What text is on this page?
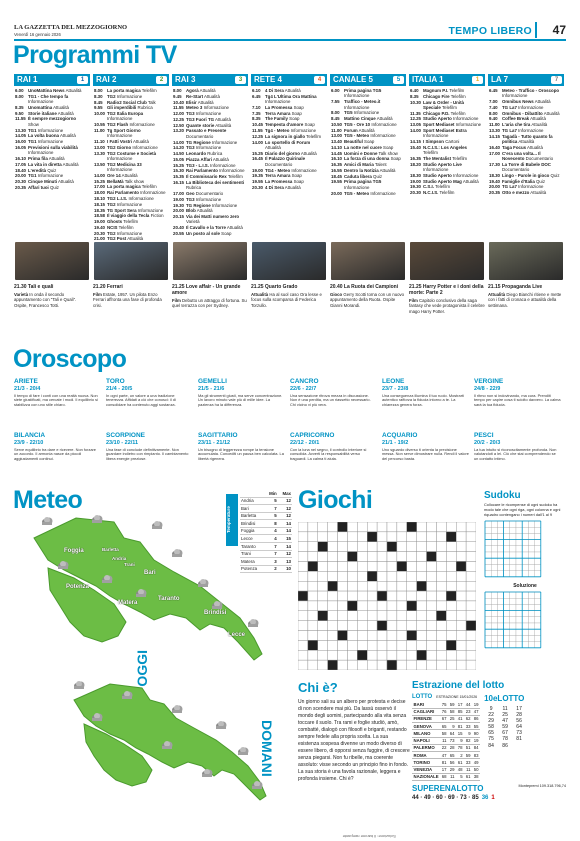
LA GAZZETTA DEL MEZZOGIORNO
Venerdì 16 gennaio 2026	TEMPO LIBERO	47
Programmi TV
RAI 1	1
6.00	UnoMattina News Attualità
8.00	TG1 - Che tempo fa Informazione
8.35	Unomattina Attualità
9.50	Storie italiane Attualità
11.55 È sempre mezzogiorno Show
13.30 TG1 Informazione
14.05 La volta buona Attualità
16.00 TG1 Informazione
16.05 Previsioni sulla viabilità Informazione
16.10 Prima fila Attualità
17.05 La vita in diretta Attualità
18.40 L'eredità Quiz
20.00 TG1 Informazione
20.30 Cinque Minuti Attualità
20.35 Affari tuoi Quiz
RAI 2	2
8.00	La porta magica Telefilm
8.30	TG2 Informazione
8.45	Radio2 Social Club Talk
9.55	Gli imperdibili Rubrica
10.00 TG2 Italia Europa Informazione
10.55 TG2 Flash Informazione
11.00 Tg Sport Giorno Informazione
11.10 I Fatti Vostri Attualità
13.00 TG2 Giorno Informazione
13.30 TG2 Costume e Società Informazione
13.50 TG2 Medicina 33 Informazione
14.00 Ore 14 Attualità
15.25 BellaMà Talk show
17.00 La porta magica Telefilm
18.00 Rai Parlamento Informazione
18.10 TG2 L.I.S. Informazione
18.15 TG2 Informazione
18.35 TG Sport Sera Informazione
18.58 Il viaggio della Tecla Fiction
19.00 Ghosts Telefilm
19.40 NCIS Telefilm
20.30 TG2 Informazione
21.00 TG2 Post Attualità
RAI 3	3
8.00	Agorà Attualità
9.45	Re-Start Attualità
10.40 Elisir Attualità
11.55 Meteo 3 Informazione
12.00 TG3 Informazione
12.25 TG3 Fuori TG Attualità
12.50 Quante storie Attualità
13.20 Passato e Presente Documentario
14.00 TG Regione Informazione
14.20 TG3 Informazione
14.50 Leonardo Rubrica
15.05 Piazza Affari Attualità
15.25 TG3 - L.I.S. Informazione
15.30 Rai Parlamento Informazione
15.35 Il Commissario Rex Telefilm
16.15 La Biblioteca dei sentimenti Rubrica
17.00 Geo Documentario
19.00 TG3 Informazione
19.30 TG Regione Informazione
20.00 Blob Attualità
20.15 Via dei Matti numero zero Varietà
20.40 Il Cavallo e la Torre Attualità
20.55 Un posto al sole Soap
RETE 4	4
6.10	4 Di Sera Attualità
6.45	Tg4 L'Ultima Ora Mattina Informazione
7.10	La Promessa Soap
7.35	Terra Amara Soap
8.35	The Family Soap
10.45 Tempesta d'amore Soap
11.55 Tg4 - Meteo Informazione
12.25 La signora in giallo Telefilm
14.00 Lo sportello di Forum Attualità
15.25 Diario del giorno Attualità
16.45 Il Palazzo Quirinale Documentario
19.00 TG4 - Meteo Informazione
19.35 Terra Amara Soap
19.55 La Promessa Soap
20.30 4 Di Sera Attualità
CANALE 5	5
6.00	Prima pagina TG5 Informazione
7.55	Traffico - Meteo.it Informazione
8.00	TG5 Informazione
8.45	Mattino Cinque Attualità
10.50 TG5 - Ore 10 Informazione
11.00 Forum Attualità
13.00 TG5 - Meteo Informazione
13.40 Beautiful Soap
14.10 La notte nel cuore Soap
14.45 Uomini e Donne Talk show
16.10 La forza di una donna Soap
16.35 Amici di Maria Talent
16.55 Dentro la Notizia Attualità
18.45 Caduta libera Quiz
19.55 Prima pagina TG5 Informazione
20.00 TG5 - Meteo Informazione
ITALIA 1	1
6.40	Magnum P.I. Telefilm
8.35	Chicago Fire Telefilm
10.30 Law & Order - Unità Speciale Telefilm
11.35 Chicago P.D. Telefilm
12.25 Studio Aperto Informazione
13.05 Sport Mediaset Informazione
14.00 Sport Mediaset Extra Informazione
14.15 I Simpson Cartoni
15.40 N.C.I.S.: Los Angeles Telefilm
16.35 The Mentalist Telefilm
18.20 Studio Aperto Live Informazione
18.30 Studio Aperto Informazione
19.00 Studio Aperto Mag Attualità
19.30 C.S.I. Telefilm
20.30 N.C.I.S. Telefilm
LA 7	7
6.45	Meteo - Traffico - Oroscopo Informazione
7.00	Omnibus News Attualità
7.40	TG La7 Informazione
8.00	Omnibus - Dibattito Attualità
9.40	Coffee Break Attualità
11.00 L'aria che tira Attualità
13.30 TG La7 Informazione
14.15 Tagadà - Tutto quanto fa politica Attualità
16.40 Taga Focus Attualità
17.00 C'era una volta... Il Novecento Documentario
17.30 La Torre di Babele DOC Documentario
18.30 Lingo - Parole in gioco Quiz
19.40 Famiglie d'Italia Quiz
20.00 TG La7 Informazione
20.35 Otto e mezzo Attualità
21.30 Tali e quali
Varietà In onda il secondo appuntamento con "Tali e Quali". Ospite, Francesco Totti.
21.20 Ferrari
Film Estate, 1957. Un pilota Enzo Ferrari affronta una fase di profonda crisi.
21.25 Love affair - Un grande amore
Film Debutto un attraggo di fortuna. Su quel terrazza con per Sydney.
21.25 Quarto Grado
Attualità Ha al suol caso Ora lesse e focus sulla scomparsa di Federica Torzullo.
20.40 La Ruota dei Campioni
Gioco Gerry Scotti torna con un nuovo appuntamento della Ruota. Ospite Gianni Morandi.
21.25 Harry Potter e i doni della morte: Parte 2
Film Capitolo conclusivo della saga fantasy che vede protagonista il celebre mago Harry Potter.
21.15 Propaganda Live
Attualità Diego Bianchi ritiene e mette con i fatti di cronaca e attualità della settimana.
Oroscopo
ARIETE
21/3 - 20/4
Il tempo di fare i conti con una realtà nuova. Non siete giustificati, ma cercate i modi. Il equilibrio si stabilizza con uno stile chiaro.
TORO
21/4 - 20/5
In ogni parte, un valore a una tradizione tenerezza. Affidati a ciò che conosci: il di consolidare ha contenuto aggi sostanza.
GEMELLI
21/5 - 21/6
Ma gli strumenti giusti, ma serve concentrazione. Un lavoro minuto vale più di mille idee. La pazienza ha la differenza.
CANCRO
22/6 - 22/7
Una sensazione ritrova mezza in discussione. Non è una perdita, ma un riassetto necessario. Chi vicino vi più vera.
LEONE
23/7 - 23/8
Una conseguenza illumina il tuo ruolo. Mostrarti autentico rafforza la fiducia intorno a te. La chiarezza genera forza.
VERGINE
24/8 - 22/9
Il ritmo non si indovinando, ma cura. Prenditi tempo per capire cosa ti sciolto davvero. La calma sarà la tua fiducia.
BILANCIA
23/9 - 22/10
Serve equilibrio tra dare e ricevere. Non forzare un accordo. Il armonia nasce da piccoli aggiustamenti continui.
SCORPIONE
23/10 - 22/11
Una fase di conclude definitivamente. Non guardare indietro con rimpianto. Il cambiamento libera energie preziose.
SAGITTARIO
23/11 - 21/12
Un bisogno di leggerezza rompe la tensione accumulata. Concediti un pausa ben calcolata. La libertà rigenera.
CAPRICORNO
22/12 - 20/1
Con la luna nel segno, il controllo interiore si consolida. Avverti la responsabilità verso traguardi. La calma ti aiuta.
ACQUARIO
21/1 - 19/2
Uno sguardo diverso ti orienta la precisione messa. Non serve dimostrare nulla. Rendi il valore del percorso basta.
PESCI
20/2 - 20/3
La tua intuito si riconoscitamente profonda. Non valutandoti a lei. Ciò che stai comprendendo se un contatto intimo.
Meteo
Temperature
	Min	Max
Andria	5	12
Bari	7	12
Barletta	5	12
Brindisi	8	14
Foggia	4	14
Lecce	4	15
Taranto	7	14
Trani	7	12
Matera	3	13
Potenza	2	10
Foggia	Barletta
Andria
Trani
Bari
Potenza
Taranto
Matera
Brindisi
Lecce
OGGI
DOMANI
Giochi	Sudoku
Collocare le ricompense di ogni sudoku ha modo tale che ogni riga, ogni colonna e ogni riquadro contengano i numeri dall'1 al 9
Soluzione
Chi è?
Un giorno sali su un albero per protesta e decise di non scendere mai più. Da lassù osservò il mondo degli uomini, partecipando alla vita senza toccare il suolo. Tra rami e foglie studiò, amò, combatté, dialogò con filosofi e briganti, restando sempre fedele alla propria scelta. La sua esistenza sospesa divenne un modo diverso di essere libero, di opporsi senza fuggire, di crescere senza piegarsi. Non fu ribelle, ma coerente assoluto: visse secondo un principio fino in fondo. La sua storia è una favola razionale, leggera e profonda insieme. Chi è?
Estrazione del lotto
LOTTO ESTRAZIONE 15/01/2026
BARI	75	59	17	44	19
CAGLIARI	76	58	85	23	47
FIRENZE	67	25	41	62	86
GENOVA	65	9	81	33	55
MILANO	58	64	15	9	90
NAPOLI	11	73	9	82	19
PALERMO	22	28	78	51	84
ROMA	47	65	2	59	83
TORINO	81	56	61	33	49
VENEZIA	17	29	48	11	50
NAZIONALE	68	11	5	61	38
10eLOTTO
9	11	17
22	25	28
29	47	56
58	59	64
65	67	73
75	78	81
84	86
SUPERENALOTTO	Montepremi 109.318.796,74
44 · 49 · 60 · 69 · 73 · 85 36 1
Soluzione: Il barone rampante
